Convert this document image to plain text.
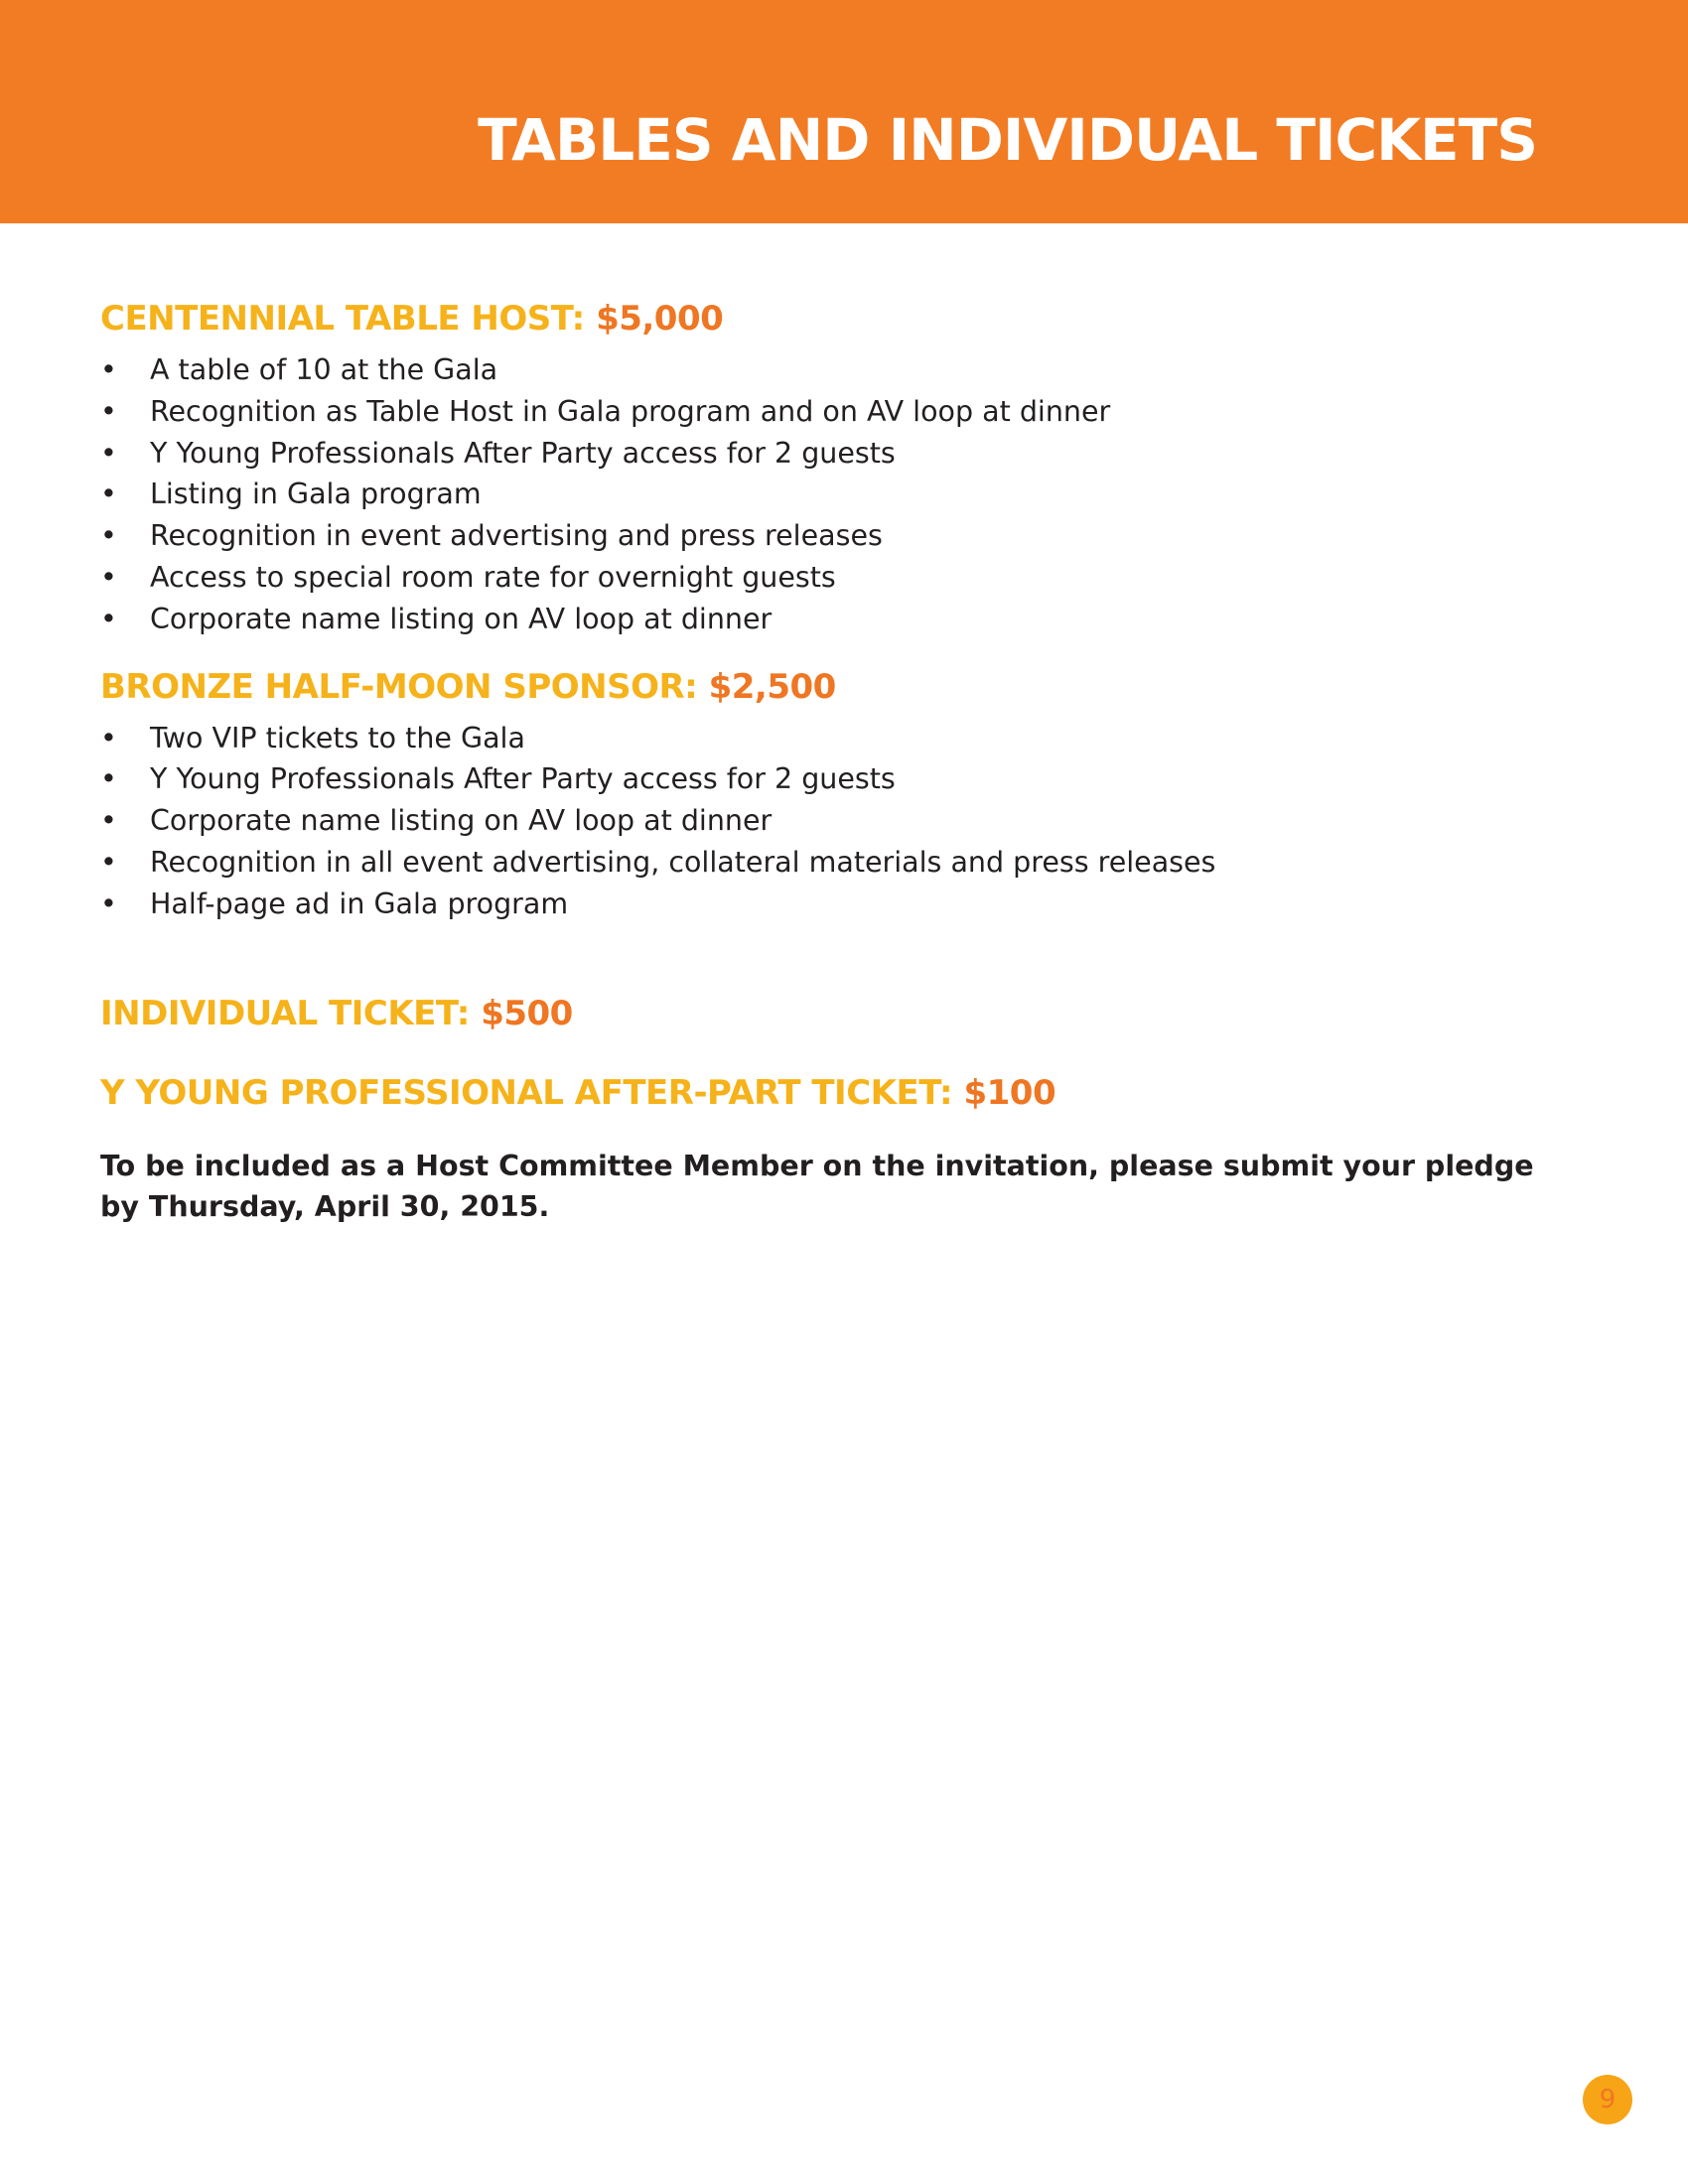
TABLES AND INDIVIDUAL TICKETS
CENTENNIAL TABLE HOST: $5,000
• A table of 10 at the Gala
• Recognition as Table Host in Gala program and on AV loop at dinner
• Y Young Professionals After Party access for 2 guests
• Listing in Gala program
• Recognition in event advertising and press releases
• Access to special room rate for overnight guests
• Corporate name listing on AV loop at dinner
BRONZE HALF-MOON SPONSOR: $2,500
• Two VIP tickets to the Gala
• Y Young Professionals After Party access for 2 guests
• Corporate name listing on AV loop at dinner
• Recognition in all event advertising, collateral materials and press releases
• Half-page ad in Gala program
INDIVIDUAL TICKET: $500
Y YOUNG PROFESSIONAL AFTER-PART TICKET: $100

To be included as a Host Committee Member on the invitation, please submit your pledge by Thursday, April 30, 2015.

9
